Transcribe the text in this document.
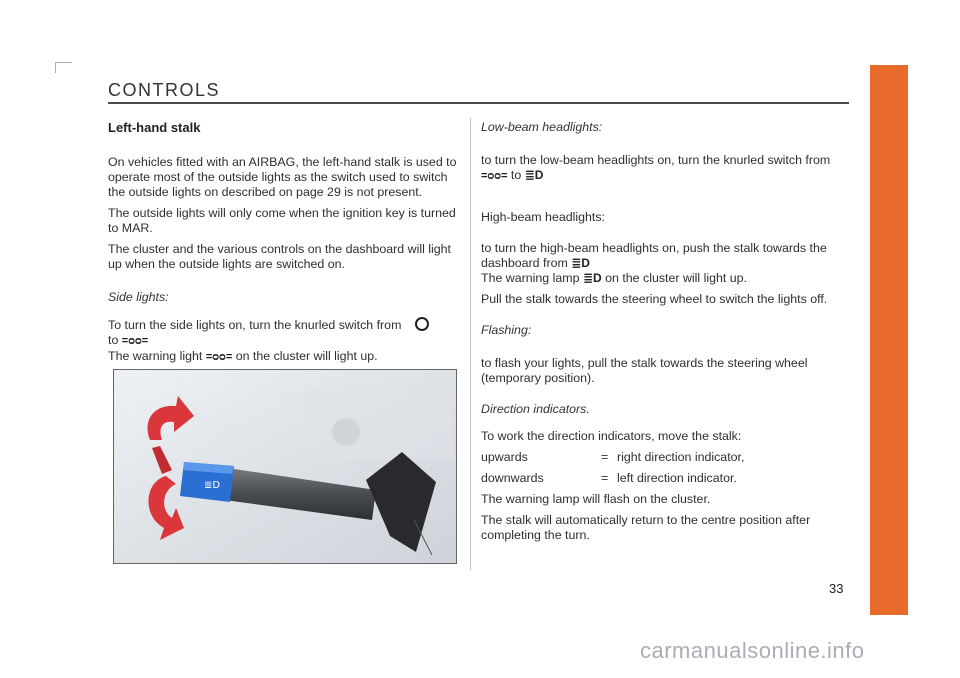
CONTROLS
Left-hand stalk

On vehicles fitted with an AIRBAG, the left-hand stalk is used to operate most of the outside lights as the switch used to switch the outside lights on described on page 29 is not present.

The outside lights will only come when the ignition key is turned to MAR.

The cluster and the various controls on the dashboard will light up when the outside lights are switched on.

Side lights:

To turn the side lights on, turn the knurled switch from

to =ᴑᴑ=

The warning light =ᴑᴑ= on the cluster will light up.

≣D
Low-beam headlights:

to turn the low-beam headlights on, turn the knurled switch from =ᴑᴑ= to ≣D

High-beam headlights:

to turn the high-beam headlights on, push the stalk towards the dashboard from ≣D

The warning lamp ≣D on the cluster will light up.

Pull the stalk towards the steering wheel to switch the lights off.

Flashing:

to flash your lights, pull the stalk towards the steering wheel (temporary position).

Direction indicators.

To work the direction indicators, move the stalk:

upwards	= right direction indicator,
downwards	= left direction indicator.

The warning lamp will flash on the cluster.

The stalk will automatically return to the centre position after completing the turn.

33
carmanualsonline.info
